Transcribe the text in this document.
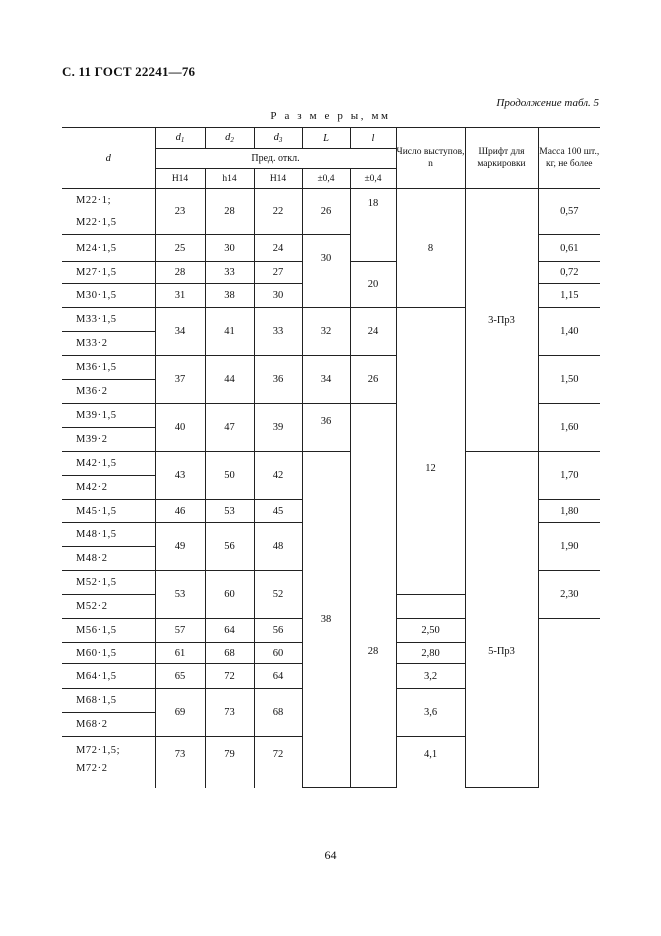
С. 11 ГОСТ 22241—76
Продолжение табл. 5
Р а з м е р ы, мм
d	$d_1$	$d_2$	$d_3$	L	l	Число выступов, n	Шрифт для маркировки	Масса 100 шт., кг, не более
	Пред. откл.							
	H14	h14	H14	±0,4	±0,4			
М22·1;
М22·1,5	23	28	22	26	18	8	3-Пр3	0,57
М24·1,5	25	30	24	30				0,61
М27·1,5	28	33	27		20			0,72
М30·1,5	31	38	30					1,15
М33·1,5	34	41	33	32	24	12		1,40
М33·2								
М36·1,5	37	44	36	34	26			1,50
М36·2								
М39·1,5	40	47	39	36	28			1,60
М39·2								
М42·1,5	43	50	42	38			5-Пр3	1,70
М42·2								
М45·1,5	46	53	45					1,80
М48·1,5	49	56	48					1,90
М48·2								
М52·1,5	53	60	52					2,30
М52·2								
М56·1,5	57	64	56			2,50		
М60·1,5	61	68	60			2,80		
М64·1,5	65	72	64			3,2		
М68·1,5	69	73	68			3,6		
М68·2								
М72·1,5;
М72·2	73	79	72			4,1		
64
